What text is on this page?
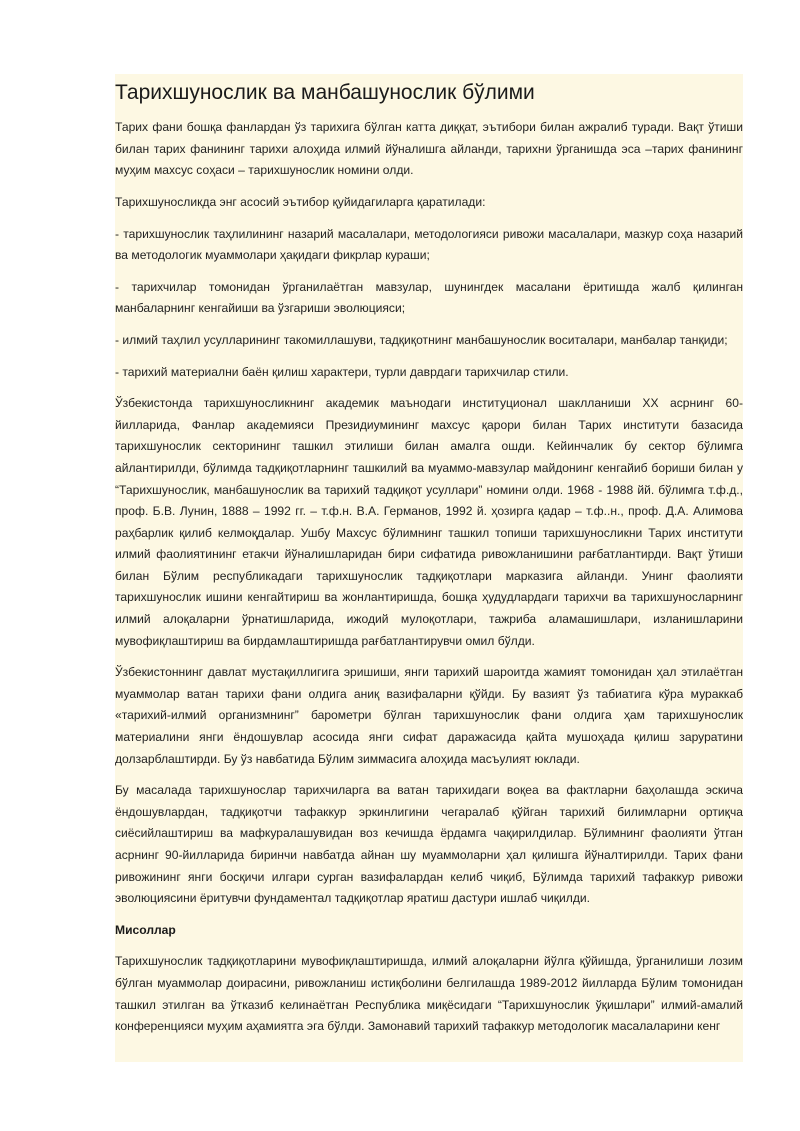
Тарихшунослик ва манбашунослик бўлими

Тарих фани бошқа фанлардан ўз тарихига бўлган катта диққат, эътибори билан ажралиб туради. Вақт ўтиши билан тарих фанининг тарихи алоҳида илмий йўналишга айланди, тарихни ўрганишда эса –тарих фанининг муҳим махсус соҳаси – тарихшунослик номини олди.

Тарихшуносликда энг асосий эътибор қуйидагиларга қаратилади:

- тарихшунослик таҳлилининг назарий масалалари, методологияси ривожи масалалари, мазкур соҳа назарий ва методологик муаммолари ҳақидаги фикрлар кураши;

- тарихчилар томонидан ўрганилаётган мавзулар, шунингдек масалани ёритишда жалб қилинган манбаларнинг кенгайиши ва ўзгариши эволюцияси;

- илмий таҳлил усулларининг такомиллашуви, тадқиқотнинг манбашунослик воситалари, манбалар танқиди;

- тарихий материални баён қилиш характери, турли даврдаги тарихчилар стили.

Ўзбекистонда тарихшуносликнинг академик маънодаги институционал шаклланиши XX асрнинг 60-йилларида, Фанлар академияси Президиумининг махсус қарори билан Тарих институти базасида тарихшунослик секторининг ташкил этилиши билан амалга ошди. Кейинчалик бу сектор бўлимга айлантирилди, бўлимда тадқиқотларнинг ташкилий ва муаммо-мавзулар майдонинг кенгайиб бориши билан у “Тарихшунослик, манбашунослик ва тарихий тадқиқот усуллари” номини олди. 1968 - 1988 йй. бўлимга т.ф.д., проф. Б.В. Лунин, 1888 – 1992 гг. – т.ф.н. В.А. Германов, 1992 й. ҳозирга қадар – т.ф..н., проф. Д.А. Алимова раҳбарлик қилиб келмоқдалар. Ушбу Махсус бўлимнинг ташкил топиши тарихшуносликни Тарих институти илмий фаолиятининг етакчи йўналишларидан бири сифатида ривожланишини рағбатлантирди. Вақт ўтиши билан Бўлим республикадаги тарихшунослик тадқиқотлари марказига айланди. Унинг фаолияти тарихшунослик ишини кенгайтириш ва жонлантиришда, бошқа ҳудудлардаги тарихчи ва тарихшуносларнинг илмий алоқаларни ўрнатишларида, ижодий мулоқотлари, тажриба аламашишлари, изланишларини мувофиқлаштириш ва бирдамлаштиришда рағбатлантирувчи омил бўлди.

Ўзбекистоннинг давлат мустақиллигига эришиши, янги тарихий шароитда жамият томонидан ҳал этилаётган муаммолар ватан тарихи фани олдига аниқ вазифаларни қўйди. Бу вазият ўз табиатига кўра мураккаб «тарихий-илмий организмнинг” барометри бўлган тарихшунослик фани олдига ҳам тарихшунослик материалини янги ёндошувлар асосида янги сифат даражасида қайта мушоҳада қилиш заруратини долзарблаштирди. Бу ўз навбатида Бўлим зиммасига алоҳида масъулият юклади.

Бу масалада тарихшунослар тарихчиларга ва ватан тарихидаги воқеа ва фактларни баҳолашда эскича ёндошувлардан, тадқиқотчи тафаккур эркинлигини чегаралаб қўйган тарихий билимларни ортиқча сиёсийлаштириш ва мафкуралашувидан воз кечишда ёрдамга чақирилдилар. Бўлимнинг фаолияти ўтган асрнинг 90-йилларида биринчи навбатда айнан шу муаммоларни ҳал қилишга йўналтирилди. Тарих фани ривожининг янги босқичи илгари сурган вазифалардан келиб чиқиб, Бўлимда тарихий тафаккур ривожи эволюциясини ёритувчи фундаментал тадқиқотлар яратиш дастури ишлаб чиқилди.

Мисоллар

Тарихшунослик тадқиқотларини мувофиқлаштиришда, илмий алоқаларни йўлга қўйишда, ўрганилиши лозим бўлган муаммолар доирасини, ривожланиш истиқболини белгилашда 1989-2012 йилларда Бўлим томонидан ташкил этилган ва ўтказиб келинаётган Республика миқёсидаги “Тарихшунослик ўқишлари” илмий-амалий конференцияси муҳим аҳамиятга эга бўлди. Замонавий тарихий тафаккур методологик масалаларини кенг
